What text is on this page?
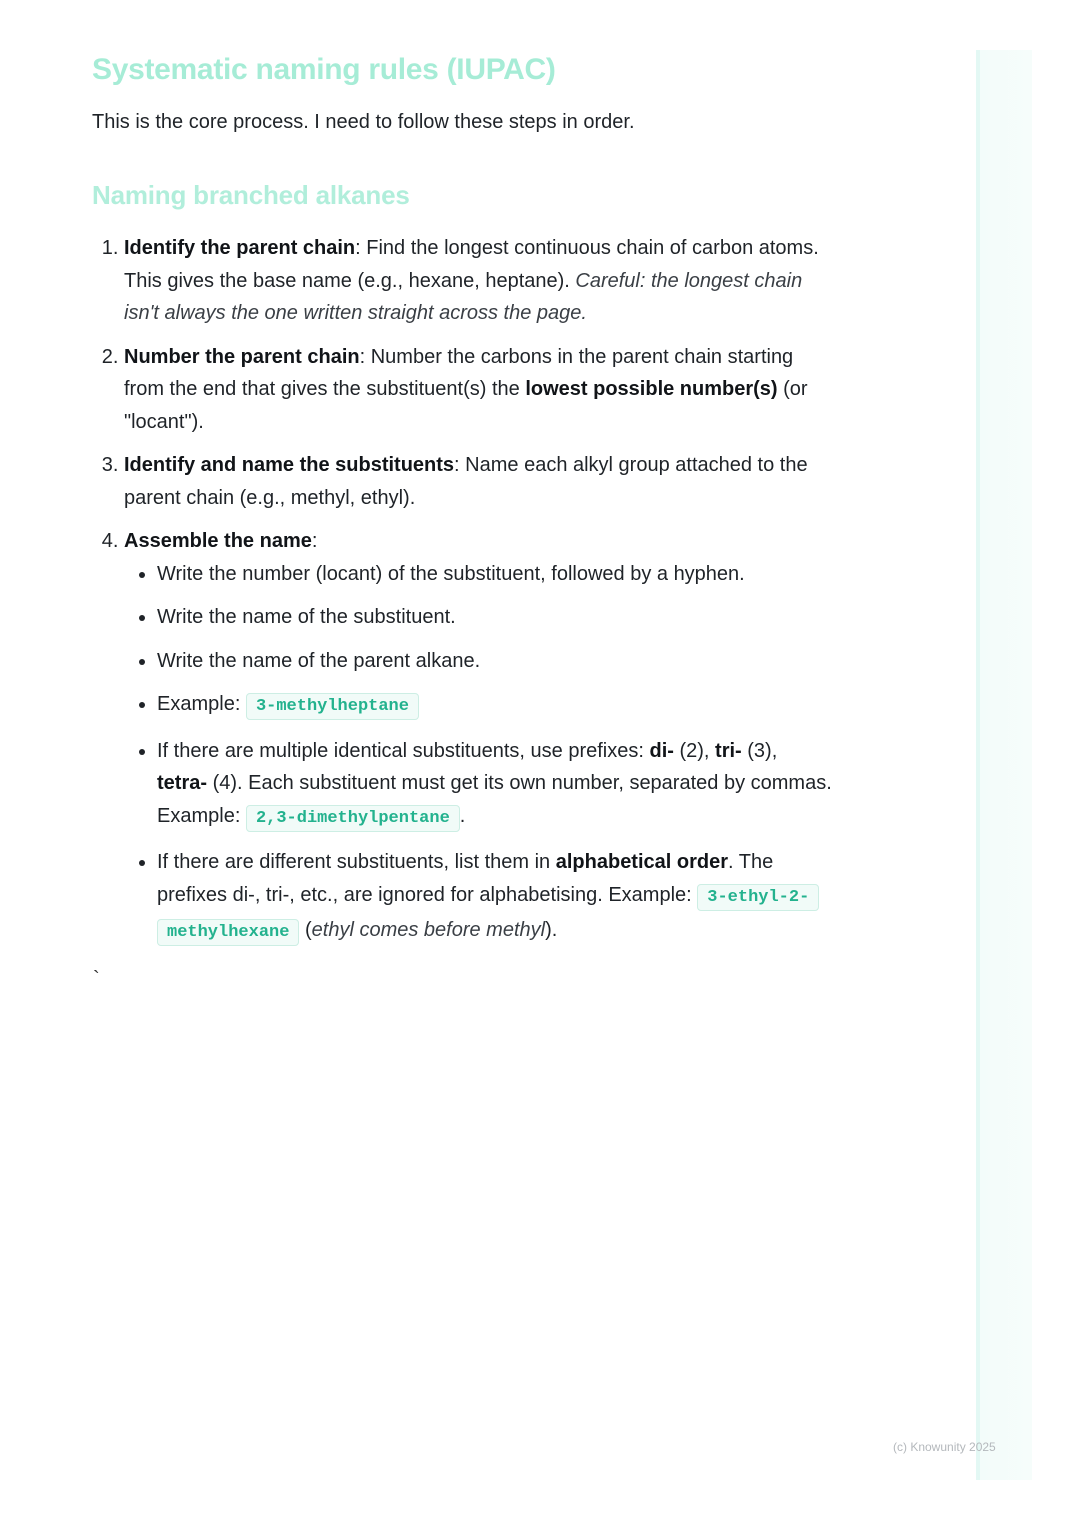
Systematic naming rules (IUPAC)

This is the core process. I need to follow these steps in order.

Naming branched alkanes
1. Identify the parent chain: Find the longest continuous chain of carbon atoms. This gives the base name (e.g., hexane, heptane). Careful: the longest chain isn't always the one written straight across the page.
2. Number the parent chain: Number the carbons in the parent chain starting from the end that gives the substituent(s) the lowest possible number(s) (or "locant").
3. Identify and name the substituents: Name each alkyl group attached to the parent chain (e.g., methyl, ethyl).
4. Assemble the name:
• Write the number (locant) of the substituent, followed by a hyphen.
• Write the name of the substituent.
• Write the name of the parent alkane.
• Example: 3-methylheptane
• If there are multiple identical substituents, use prefixes: di- (2), tri- (3), tetra- (4). Each substituent must get its own number, separated by commas. Example: 2,3-dimethylpentane .
• If there are different substituents, list them in alphabetical order. The prefixes di-, tri-, etc., are ignored for alphabetising. Example: 3-ethyl-2-methylhexane (ethyl comes before methyl).
`
(c) Knowunity 2025
